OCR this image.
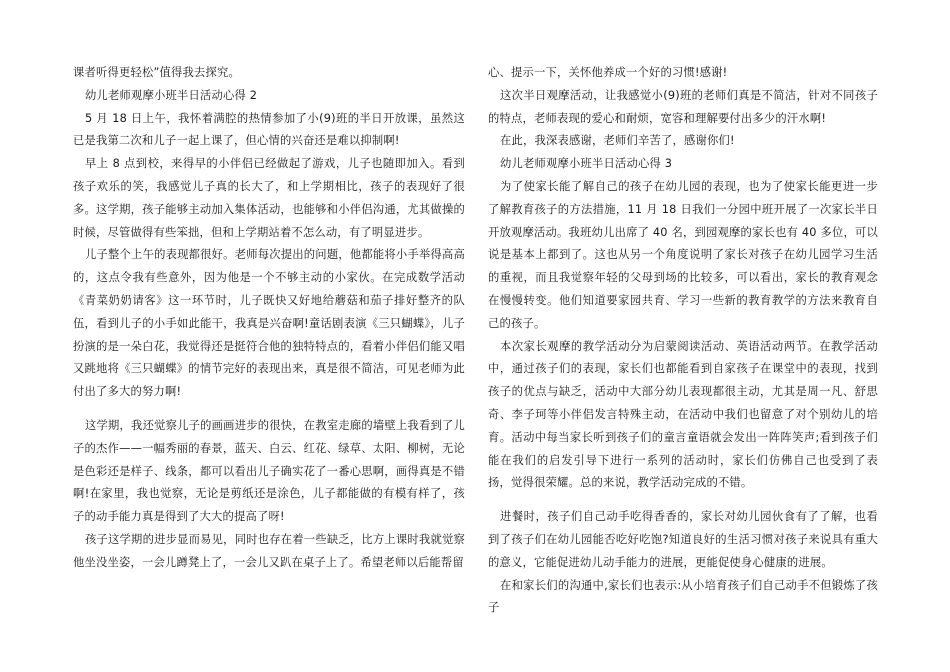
课者听得更轻松”值得我去探究。

幼儿老师观摩小班半日活动心得 2

5 月 18 日上午，我怀着满腔的热情参加了小(9)班的半日开放课，虽然这已是我第二次和儿子一起上课了，但心情的兴奋还是难以抑制啊!

早上 8 点到校，来得早的小伴侣已经做起了游戏，儿子也随即加入。看到孩子欢乐的笑，我感觉儿子真的长大了，和上学期相比，孩子的表现好了很多。这学期，孩子能够主动加入集体活动，也能够和小伴侣沟通，尤其做操的时候，尽管做得有些笨拙，但和上学期站着不怎么动，有了明显进步。

儿子整个上午的表现都很好。老师每次提出的问题，他都能将小手举得高高的，这点令我有些意外，因为他是一个不够主动的小家伙。在完成数学活动《青菜奶奶请客》这一环节时，儿子既快又好地给蘑菇和茄子排好整齐的队伍，看到儿子的小手如此能干，我真是兴奋啊!童话剧表演《三只蝴蝶》，儿子扮演的是一朵白花，我觉得还是挺符合他的独特特点的，看着小伴侣们能又唱又跳地将《三只蝴蝶》的情节完好的表现出来，真是很不简洁，可见老师为此付出了多大的努力啊!

这学期，我还觉察儿子的画画进步的很快，在教室走廊的墙壁上我看到了儿子的杰作——一幅秀丽的春景，蓝天、白云、红花、绿草、太阳、柳树，无论是色彩还是样子、线条，都可以看出儿子确实花了一番心思啊，画得真是不错啊!在家里，我也觉察，无论是剪纸还是涂色，儿子都能做的有模有样了，孩子的动手能力真是得到了大大的提高了呀!

孩子这学期的进步显而易见，同时也存在着一些缺乏，比方上课时我就觉察他坐没坐姿，一会儿蹲凳上了，一会儿又趴在桌子上了。希望老师以后能帮留

心、提示一下，关怀他养成一个好的习惯!感谢!

这次半日观摩活动，让我感觉小(9)班的老师们真是不简洁，针对不同孩子的特点，老师表现的爱心和耐烦，宽容和理解要付出多少的汗水啊!

在此，我深表感谢，老师们辛苦了，感谢你们!

幼儿老师观摩小班半日活动心得 3

为了使家长能了解自己的孩子在幼儿园的表现，也为了使家长能更进一步了解教育孩子的方法措施，11 月 18 日我们一分园中班开展了一次家长半日开放观摩活动。我班幼儿出席了 40 名，到园观摩的家长也有 40 多位，可以说是基本上都到了。这也从另一个角度说明了家长对孩子在幼儿园学习生活的重视，而且我觉察年轻的父母到场的比较多，可以看出，家长的教育观念在慢慢转变。他们知道要家园共育、学习一些新的教育教学的方法来教育自己的孩子。

本次家长观摩的教学活动分为启蒙阅读活动、英语活动两节。在教学活动中，通过孩子们的表现，家长们也都能看到自家孩子在课堂中的表现，找到孩子的优点与缺乏，活动中大部分幼儿表现都很主动，尤其是周一凡、舒思奇、李子珂等小伴侣发言特殊主动，在活动中我们也留意了对个别幼儿的培育。活动中每当家长听到孩子们的童言童语就会发出一阵阵笑声;看到孩子们能在我们的启发引导下进行一系列的活动时，家长们仿佛自己也受到了表扬，觉得很荣耀。总的来说，教学活动完成的不错。

进餐时，孩子们自己动手吃得香香的，家长对幼儿园伙食有了了解，也看到了孩子们在幼儿园能否吃好吃饱?知道良好的生活习惯对孩子来说具有重大的意义，它能促进幼儿动手能力的进展，更能促使身心健康的进展。

在和家长们的沟通中,家长们也表示:从小培育孩子们自己动手不但锻炼了孩子
